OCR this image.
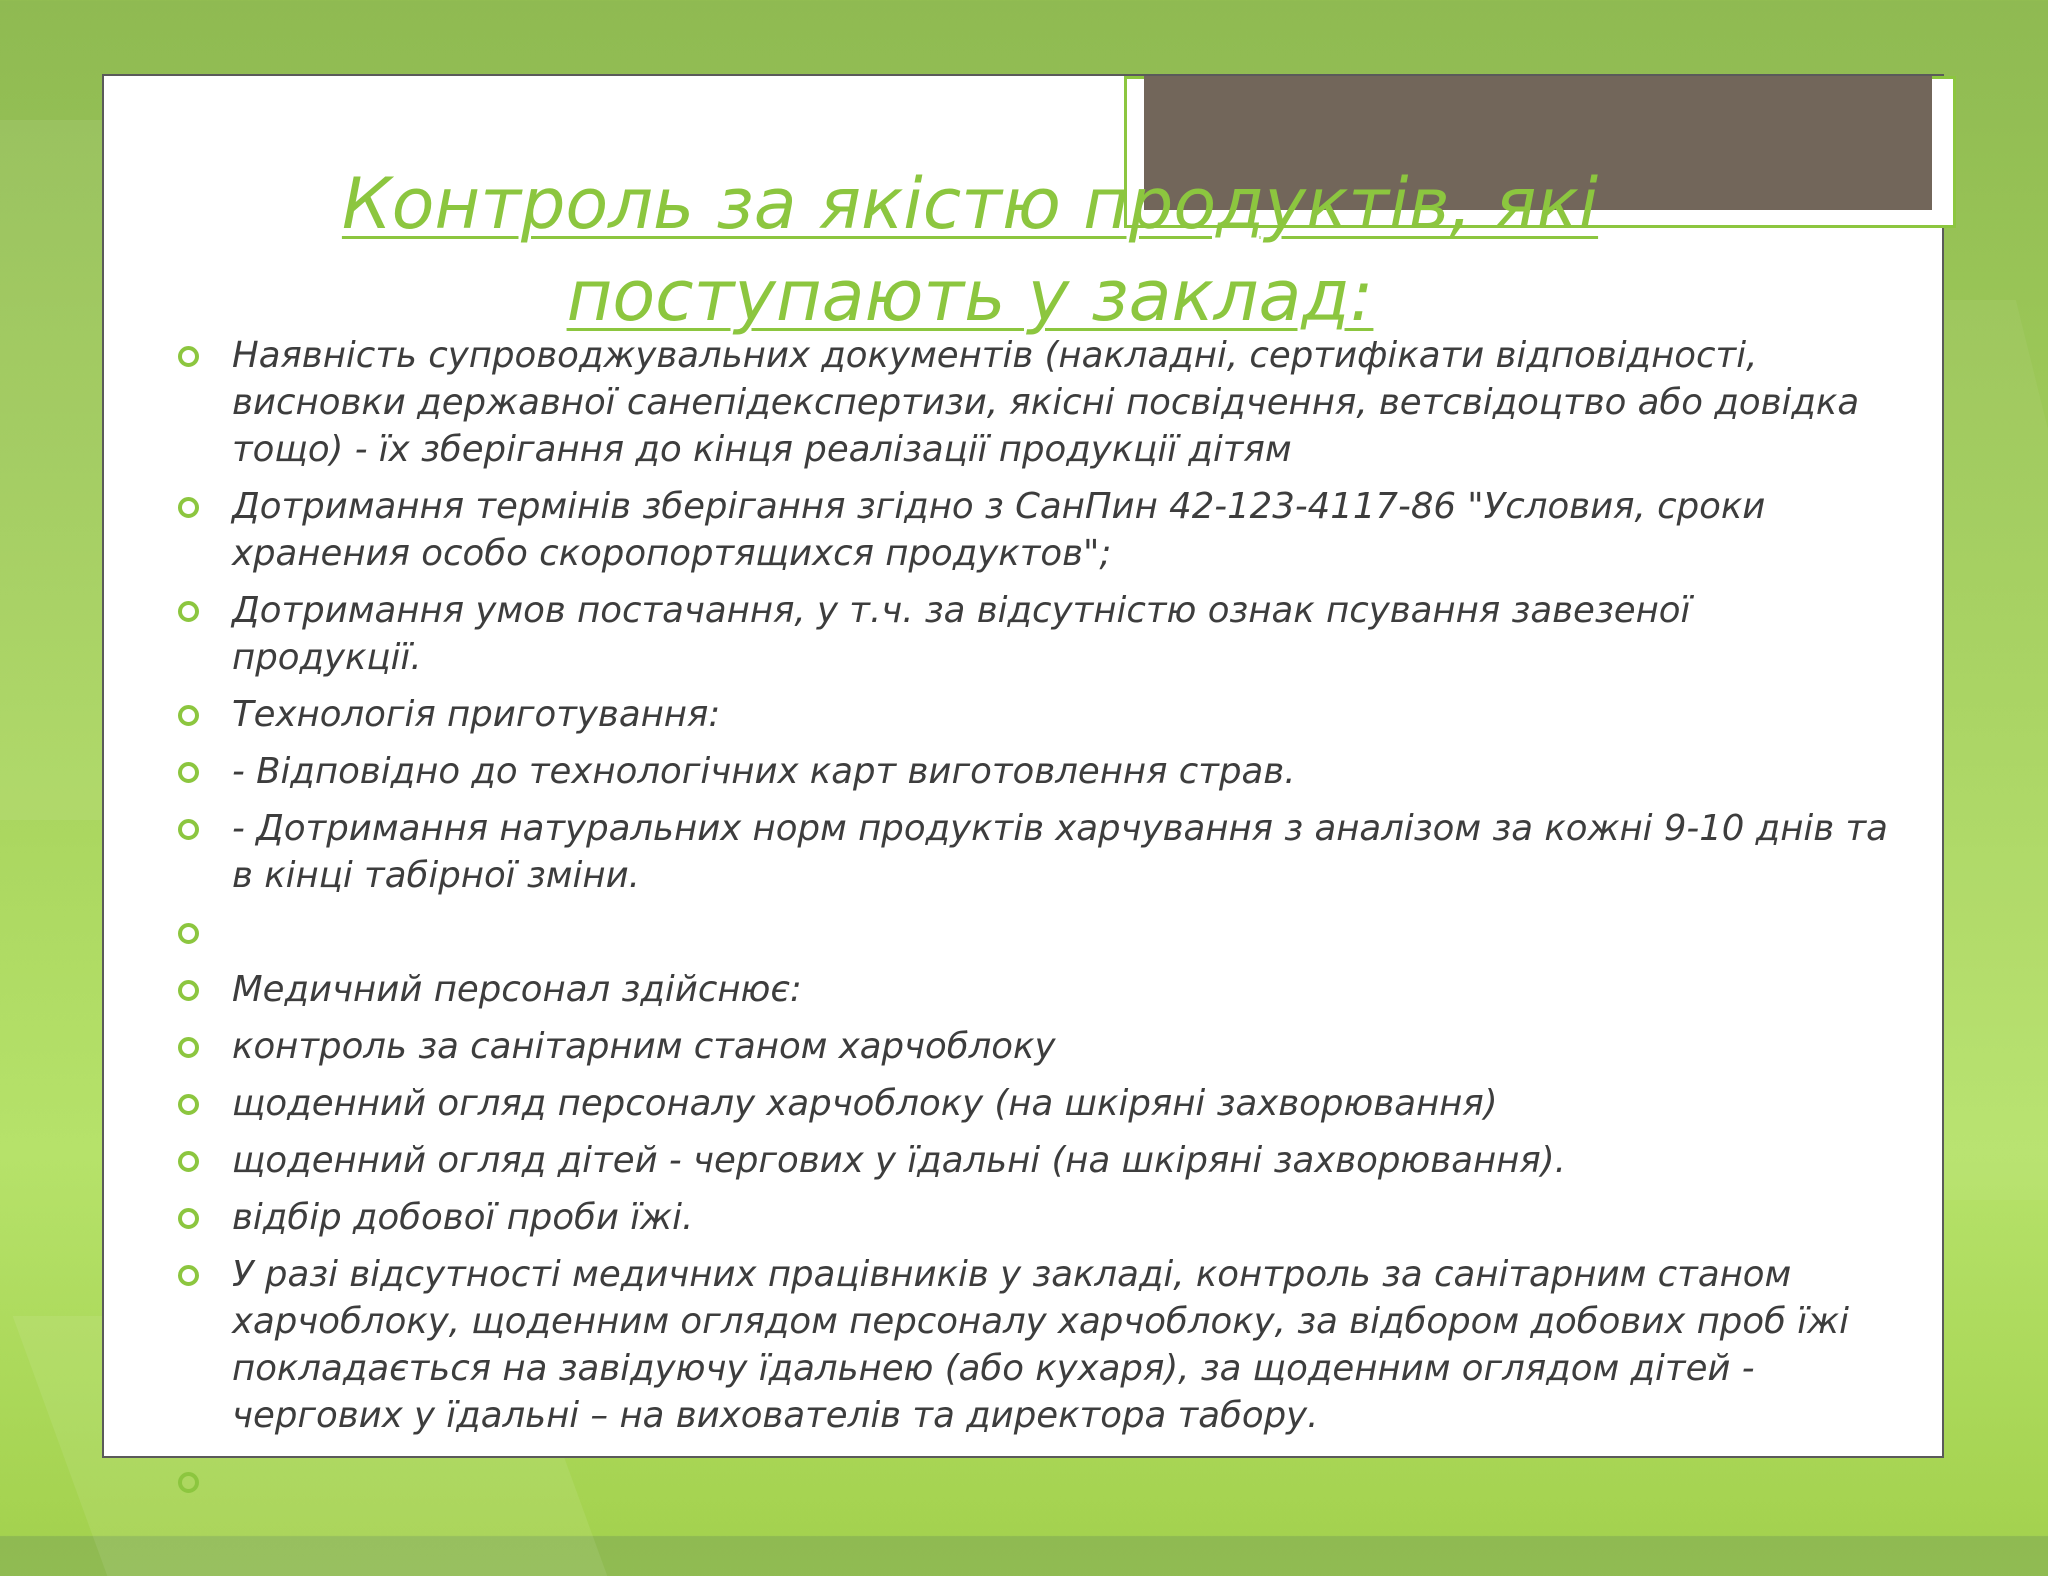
Контроль за якістю продуктів, які поступають у заклад:
Наявність супроводжувальних документів (накладні, сертифікати відповідності, висновки державної санепідекспертизи, якісні посвідчення, ветсвідоцтво або довідка тощо) - їх зберігання до кінця реалізації продукції дітям
Дотримання термінів зберігання згідно з СанПин 42-123-4117-86 "Условия, сроки хранения особо скоропортящихся продуктов";
Дотримання умов постачання, у т.ч. за відсутністю ознак псування завезеної продукції.
Технологія приготування:
- Відповідно до технологічних карт виготовлення страв.
- Дотримання натуральних норм продуктів харчування з аналізом за кожні 9-10 днів та в кінці табірної зміни.
Медичний персонал здійснює:
контроль за санітарним станом харчоблоку
щоденний огляд персоналу харчоблоку (на шкіряні захворювання)
щоденний огляд дітей - чергових у їдальні (на шкіряні захворювання).
відбір добової проби їжі.
У разі відсутності медичних працівників у закладі, контроль за санітарним станом харчоблоку, щоденним оглядом персоналу харчоблоку, за відбором добових проб їжі покладається на завідуючу їдальнею (або кухаря), за щоденним оглядом дітей - чергових у їдальні – на вихователів та директора табору.
